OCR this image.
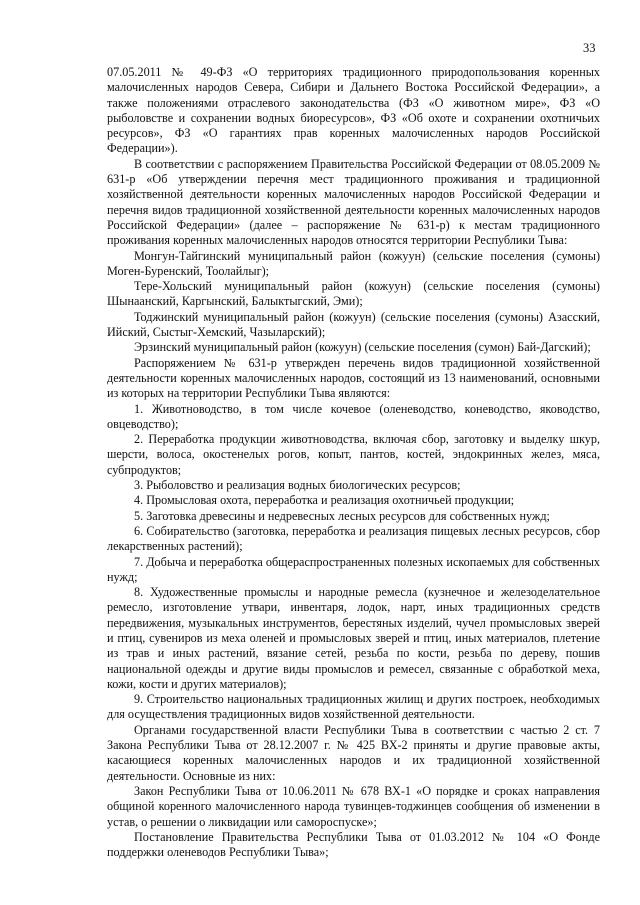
33

07.05.2011 № 49-ФЗ «О территориях традиционного природопользования коренных малочисленных народов Севера, Сибири и Дальнего Востока Российской Федерации», а также положениями отраслевого законодательства (ФЗ «О животном мире», ФЗ «О рыболовстве и сохранении водных биоресурсов», ФЗ «Об охоте и сохранении охотничьих ресурсов», ФЗ «О гарантиях прав коренных малочисленных народов Российской Федерации»).

В соответствии с распоряжением Правительства Российской Федерации от 08.05.2009 № 631-р «Об утверждении перечня мест традиционного проживания и традиционной хозяйственной деятельности коренных малочисленных народов Российской Федерации и перечня видов традиционной хозяйственной деятельности коренных малочисленных народов Российской Федерации» (далее – распоряжение № 631-р) к местам традиционного проживания коренных малочисленных народов относятся территории Республики Тыва:

Монгун-Тайгинский муниципальный район (кожуун) (сельские поселения (сумоны) Моген-Буренский, Тоолайлыг);

Тере-Хольский муниципальный район (кожуун) (сельские поселения (сумоны) Шынаанский, Каргынский, Балыктыгский, Эми);

Тоджинский муниципальный район (кожуун) (сельские поселения (сумоны) Азасский, Ийский, Сыстыг-Хемский, Чазыларский);

Эрзинский муниципальный район (кожуун) (сельские поселения (сумон) Бай-Дагский);

Распоряжением № 631-р утвержден перечень видов традиционной хозяйственной деятельности коренных малочисленных народов, состоящий из 13 наименований, основными из которых на территории Республики Тыва являются:

1. Животноводство, в том числе кочевое (оленеводство, коневодство, яководство, овцеводство);

2. Переработка продукции животноводства, включая сбор, заготовку и выделку шкур, шерсти, волоса, окостенелых рогов, копыт, пантов, костей, эндокринных желез, мяса, субпродуктов;

3. Рыболовство и реализация водных биологических ресурсов;

4. Промысловая охота, переработка и реализация охотничьей продукции;

5. Заготовка древесины и недревесных лесных ресурсов для собственных нужд;

6. Собирательство (заготовка, переработка и реализация пищевых лесных ресурсов, сбор лекарственных растений);

7. Добыча и переработка общераспространенных полезных ископаемых для собственных нужд;

8. Художественные промыслы и народные ремесла (кузнечное и железоделательное ремесло, изготовление утвари, инвентаря, лодок, нарт, иных традиционных средств передвижения, музыкальных инструментов, берестяных изделий, чучел промысловых зверей и птиц, сувениров из меха оленей и промысловых зверей и птиц, иных материалов, плетение из трав и иных растений, вязание сетей, резьба по кости, резьба по дереву, пошив национальной одежды и другие виды промыслов и ремесел, связанные с обработкой меха, кожи, кости и других материалов);

9. Строительство национальных традиционных жилищ и других построек, необходимых для осуществления традиционных видов хозяйственной деятельности.

Органами государственной власти Республики Тыва в соответствии с частью 2 ст. 7 Закона Республики Тыва от 28.12.2007 г. № 425 ВХ-2 приняты и другие правовые акты, касающиеся коренных малочисленных народов и их традиционной хозяйственной деятельности. Основные из них:

Закон Республики Тыва от 10.06.2011 № 678 ВХ-1 «О порядке и сроках направления общиной коренного малочисленного народа тувинцев-тоджинцев сообщения об изменении в устав, о решении о ликвидации или самороспуске»;

Постановление Правительства Республики Тыва от 01.03.2012 № 104 «О Фонде поддержки оленеводов Республики Тыва»;
